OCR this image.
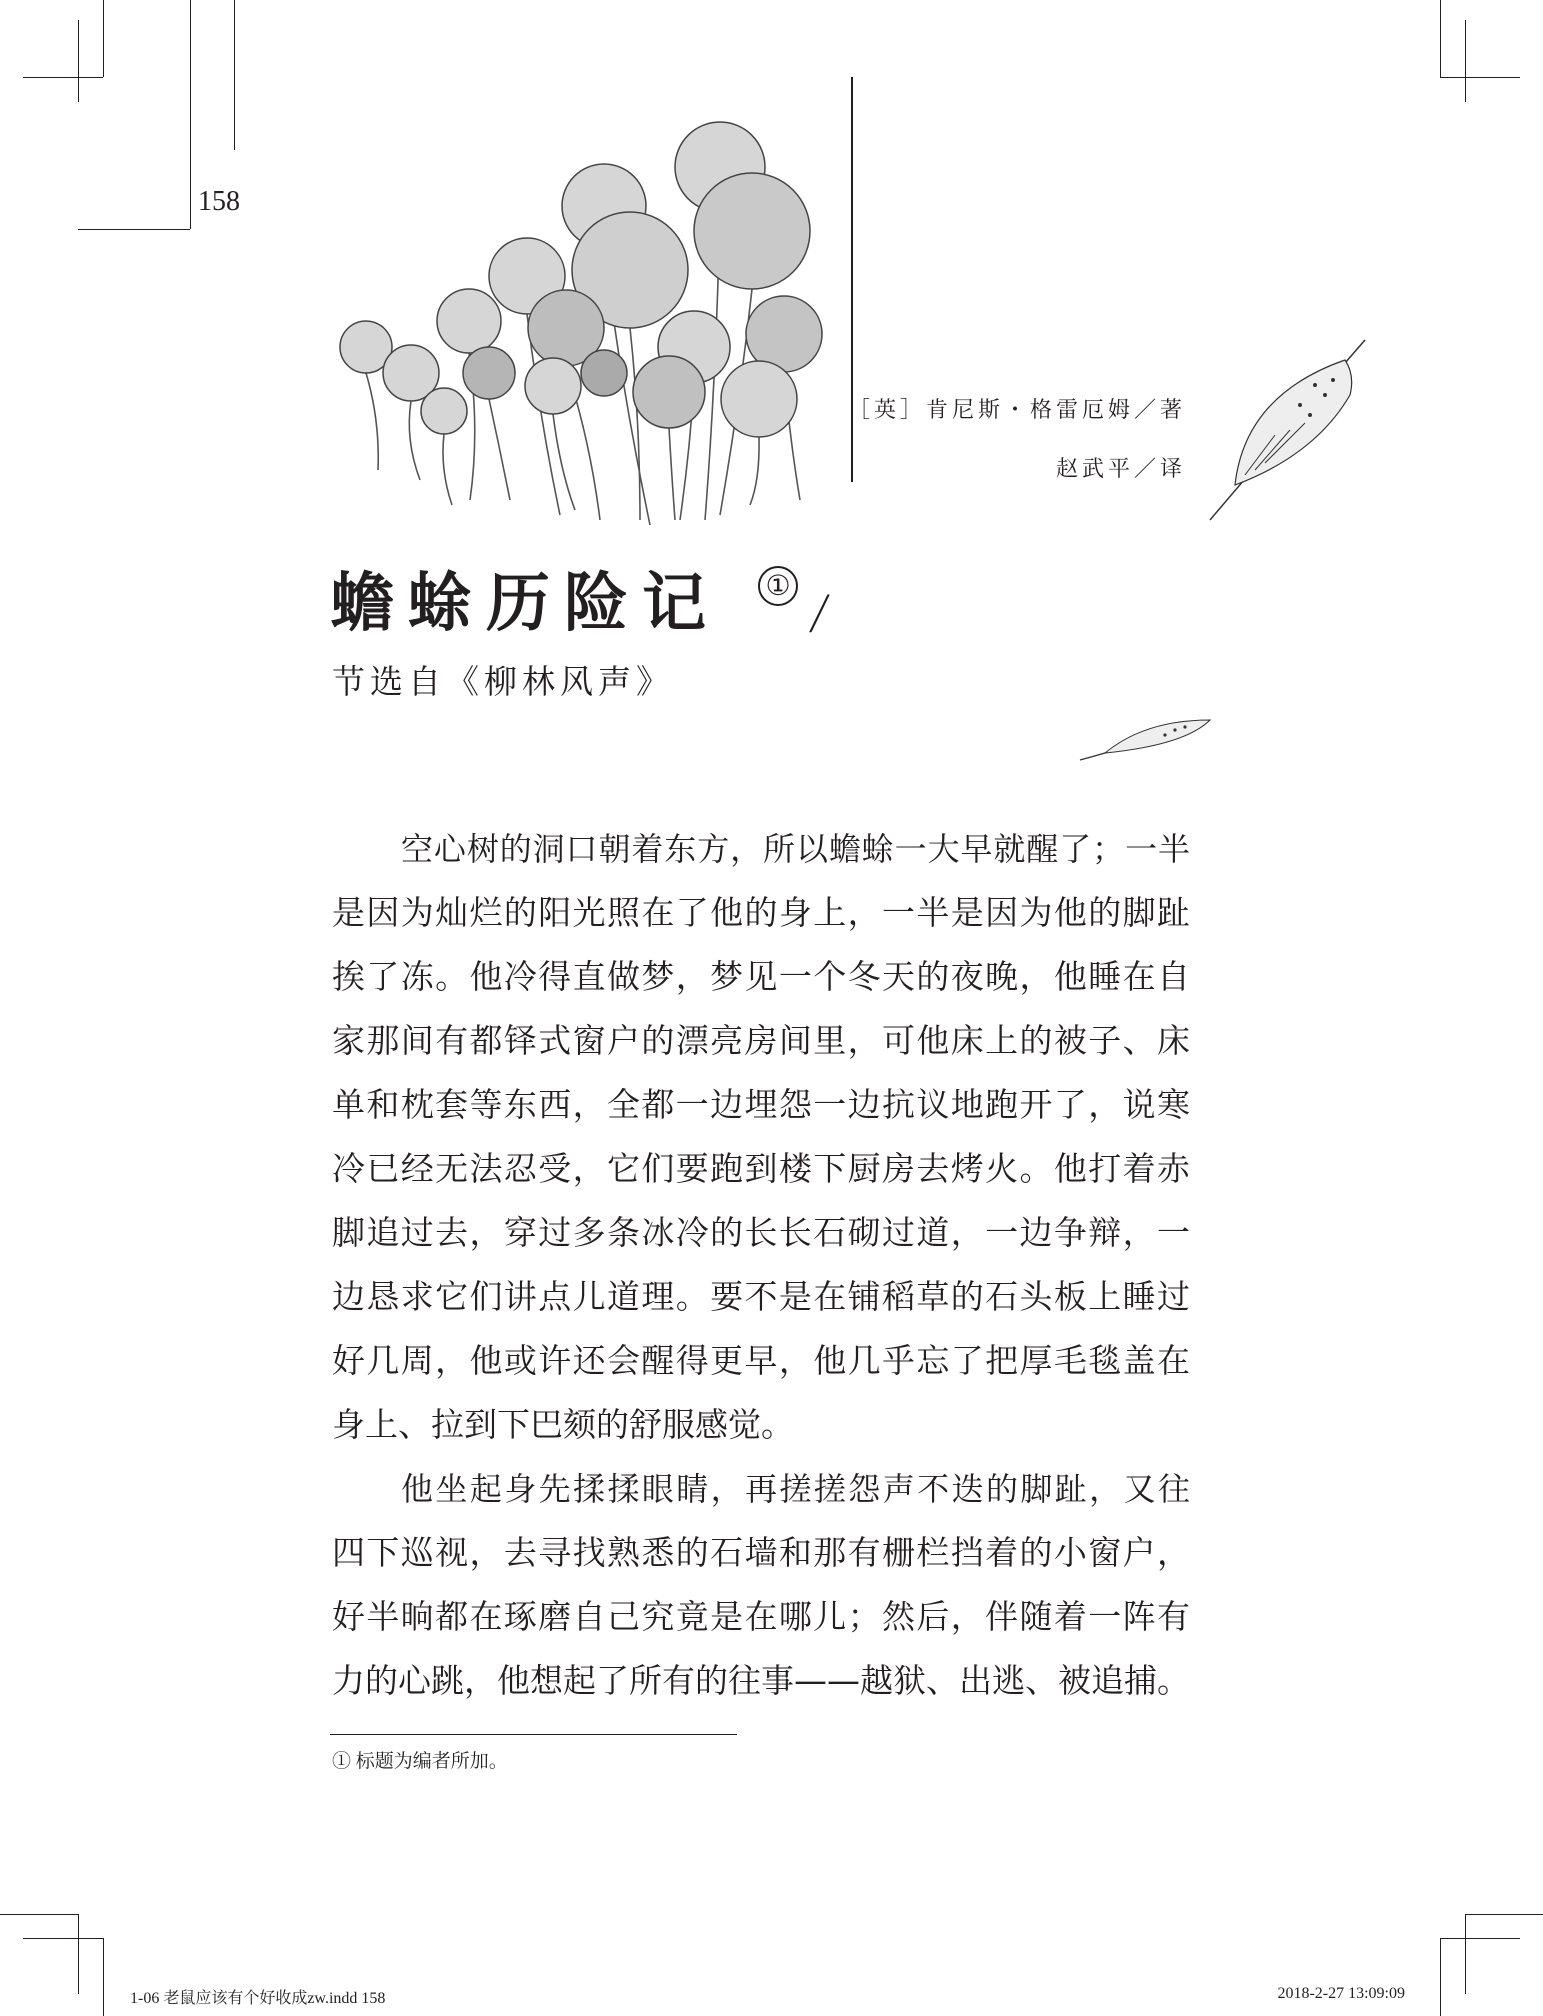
158
［英］肯尼斯・格雷厄姆／著
赵武平／译
蟾蜍历险记 ① /
节选自《柳林风声》
空心树的洞口朝着东方，所以蟾蜍一大早就醒了；一半
是因为灿烂的阳光照在了他的身上，一半是因为他的脚趾
挨了冻。他冷得直做梦，梦见一个冬天的夜晚，他睡在自
家那间有都铎式窗户的漂亮房间里，可他床上的被子、床
单和枕套等东西，全都一边埋怨一边抗议地跑开了，说寒
冷已经无法忍受，它们要跑到楼下厨房去烤火。他打着赤
脚追过去，穿过多条冰冷的长长石砌过道，一边争辩，一
边恳求它们讲点儿道理。要不是在铺稻草的石头板上睡过
好几周，他或许还会醒得更早，他几乎忘了把厚毛毯盖在
身上、拉到下巴颏的舒服感觉。
他坐起身先揉揉眼睛，再搓搓怨声不迭的脚趾，又往
四下巡视，去寻找熟悉的石墙和那有栅栏挡着的小窗户，
好半晌都在琢磨自己究竟是在哪儿；然后，伴随着一阵有
力的心跳，他想起了所有的往事——越狱、出逃、被追捕。
① 标题为编者所加。
1-06 老鼠应该有个好收成zw.indd 158	2018-2-27 13:09:09
